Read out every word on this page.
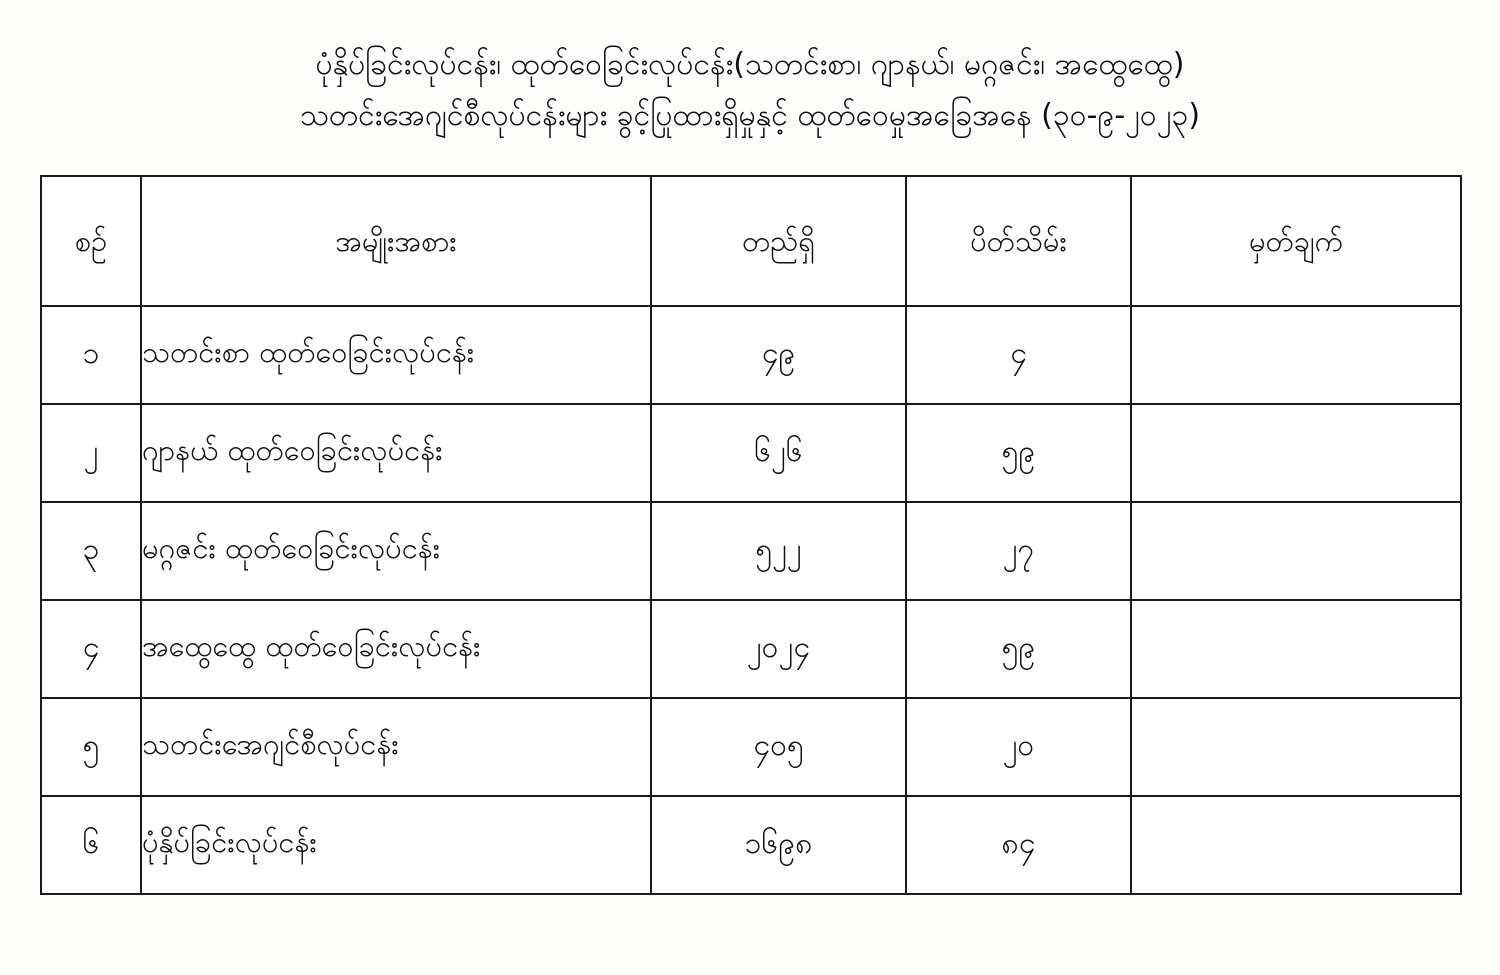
ပုံနှိပ်ခြင်းလုပ်ငန်း၊ ထုတ်ဝေခြင်းလုပ်ငန်း(သတင်းစာ၊ ဂျာနယ်၊ မဂ္ဂဇင်း၊ အထွေထွေ)
သတင်းအေဂျင်စီလုပ်ငန်းများ ခွင့်ပြုထားရှိမှုနှင့် ထုတ်ဝေမှုအခြေအနေ (၃၀-၉-၂၀၂၃)
စဉ်	အမျိုးအစား	တည်ရှိ	ပိတ်သိမ်း	မှတ်ချက်
၁	သတင်းစာ ထုတ်ဝေခြင်းလုပ်ငန်း	၄၉	၄	
၂	ဂျာနယ် ထုတ်ဝေခြင်းလုပ်ငန်း	၆၂၆	၅၉	
၃	မဂ္ဂဇင်း ထုတ်ဝေခြင်းလုပ်ငန်း	၅၂၂	၂၇	
၄	အထွေထွေ ထုတ်ဝေခြင်းလုပ်ငန်း	၂၀၂၄	၅၉	
၅	သတင်းအေဂျင်စီလုပ်ငန်း	၄၀၅	၂၀	
၆	ပုံနှိပ်ခြင်းလုပ်ငန်း	၁၆၉၈	၈၄	
